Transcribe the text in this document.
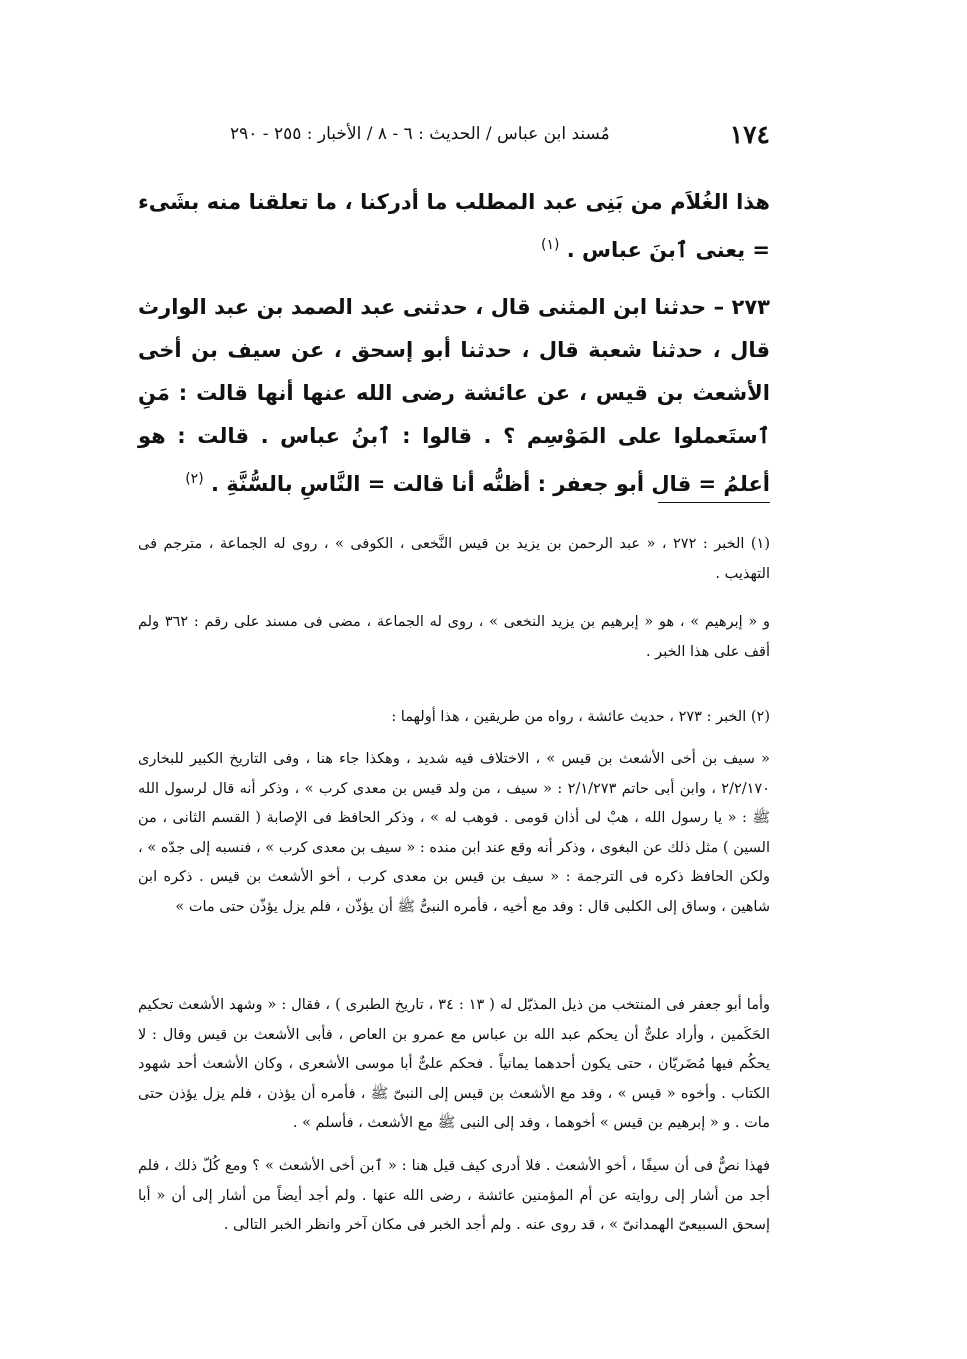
١٧٤
مُسند ابن عباس / الحديث : ٦ - ٨ / الأخبار : ٢٥٥ - ٢٩٠

هذا الغُلاَم من بَنِى عبد المطلب ما أدركنا ، ما تعلقنا منه بشَىء = يعنى ٱبنَ عباس . $^{(١)}$

٢٧٣ – حدثنا ابن المثنى قال ، حدثنى عبد الصمد بن عبد الوارث قال ، حدثنا شعبة قال ، حدثنا أبو إسحق ، عن سيف بن أخى الأشعث بن قيس ، عن عائشة رضى الله عنها أنها قالت : مَنِ ٱستَعملوا على المَوْسِم ؟ . قالوا : ٱبنُ عباس . قالت : هو أعلمُ = قال أبو جعفر : أظنُّه أنا قالت = النَّاسِ بالسُّنَّةِ . $^{(٢)}$

(١) الخبر : ٢٧٢ ، « عبد الرحمن بن يزيد بن قيس النَّخعى ، الكوفى » ، روى له الجماعة ، مترجم فى التهذيب .

و « إبرهيم » ، هو « إبرهيم بن يزيد النخعى » ، روى له الجماعة ، مضى فى مسند على رقم : ٣٦٢ ولم أقف على هذا الخبر .

(٢) الخبر : ٢٧٣ ، حديث عائشة ، رواه من طريقين ، هذا أولهما :

« سيف بن أخى الأشعث بن قيس » ، الاختلاف فيه شديد ، وهكذا جاء هنا ، وفى التاريخ الكبير للبخارى ٢/٢/١٧٠ ، وابن أبى حاتم ٢/١/٢٧٣ : « سيف ، من ولد قيس بن معدى كرب » ، وذكر أنه قال لرسول الله ﷺ : « يا رسول الله ، هبْ لى أذان قومى . فوهب له » ، وذكر الحافظ فى الإصابة ( القسم الثانى ، من السين ) مثل ذلك عن البغوى ، وذكر أنه وقع عند ابن منده : « سيف بن معدى كرب » ، فنسبه إلى جدّه » ، ولكن الحافظ ذكره فى الترجمة : « سيف بن قيس بن معدى كرب ، أخو الأشعث بن قيس . ذكره ابن شاهين ، وساق إلى الكلبى قال : وفد مع أخيه ، فأمره النبىُّ ﷺ أن يؤذّن ، فلم يزل يؤذّن حتى مات »

وأما أبو جعفر فى المنتخب من ذيل المذيّل له ( ١٣ : ٣٤ ، تاريخ الطبرى ) ، فقال : « وشهد الأشعث تحكيم الحَكَمين ، وأراد علىٌّ أن يحكم عبد الله بن عباس مع عمرو بن العاص ، فأبى الأشعث بن قيس وقال : لا يحكُم فيها مُضَريّان ، حتى يكون أحدهما يمانياً . فحكم علىٌّ أبا موسى الأشعرى ، وكان الأشعث أحد شهود الكتاب . وأخوه « قيس » ، وفد مع الأشعث بن قيس إلى النبىّ ﷺ ، فأمره أن يؤذن ، فلم يزل يؤذن حتى مات . و « إبرهيم بن قيس » أخوهما ، وفد إلى النبى ﷺ مع الأشعث ، فأسلم » .

فهذا نصٌّ فى أن سيفًا ، أخو الأشعث . فلا أدرى كيف قيل هنا : « ٱبن أخى الأشعث » ؟ ومع كُلّ ذلك ، فلم أجد من أشار إلى روايته عن أم المؤمنين عائشة ، رضى الله عنها . ولم أجد أيضاً من أشار إلى أن « أبا إسحق السبيعىّ الهمدانىّ » ، قد روى عنه . ولم أجد الخبر فى مكان آخر وانظر الخبر التالى .
